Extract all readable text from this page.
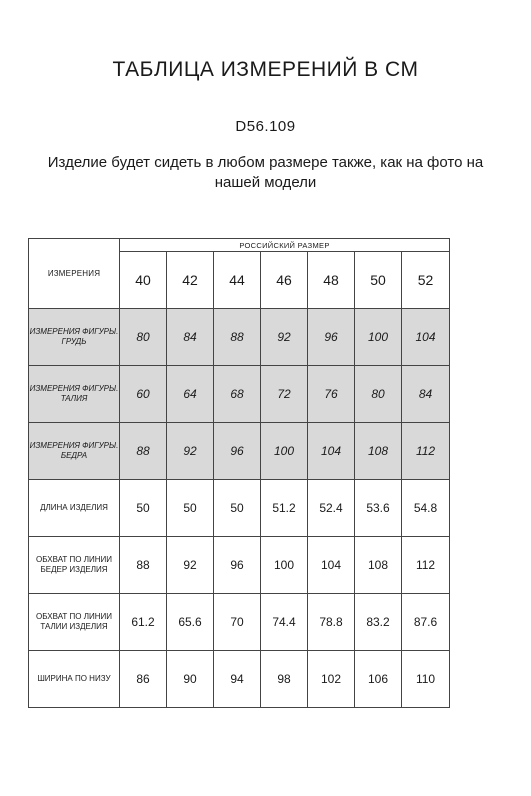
ТАБЛИЦА ИЗМЕРЕНИЙ В СМ
D56.109
Изделие будет сидеть в любом размере также, как на фото на нашей модели
ИЗМЕРЕНИЯ	РОССИЙСКИЙ РАЗМЕР						
	40	42	44	46	48	50	52
ИЗМЕРЕНИЯ ФИГУРЫ. ГРУДЬ	80	84	88	92	96	100	104
ИЗМЕРЕНИЯ ФИГУРЫ. ТАЛИЯ	60	64	68	72	76	80	84
ИЗМЕРЕНИЯ ФИГУРЫ. БЕДРА	88	92	96	100	104	108	112
ДЛИНА ИЗДЕЛИЯ	50	50	50	51.2	52.4	53.6	54.8
ОБХВАТ ПО ЛИНИИ БЕДЕР ИЗДЕЛИЯ	88	92	96	100	104	108	112
ОБХВАТ ПО ЛИНИИ ТАЛИИ ИЗДЕЛИЯ	61.2	65.6	70	74.4	78.8	83.2	87.6
ШИРИНА ПО НИЗУ	86	90	94	98	102	106	110
